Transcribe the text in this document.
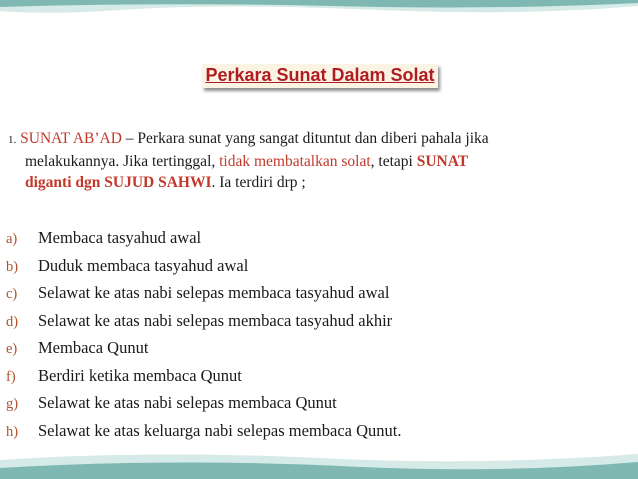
Perkara Sunat Dalam Solat
1. SUNAT AB’AD – Perkara sunat yang sangat dituntut dan diberi pahala jika
melakukannya. Jika tertinggal, tidak membatalkan solat, tetapi SUNAT
diganti dgn SUJUD SAHWI. Ia terdiri drp ;
a) Membaca tasyahud awal
b) Duduk membaca tasyahud awal
c) Selawat ke atas nabi selepas membaca tasyahud awal
d) Selawat ke atas nabi selepas membaca tasyahud akhir
e) Membaca Qunut
f) Berdiri ketika membaca Qunut
g) Selawat ke atas nabi selepas membaca Qunut
h) Selawat ke atas keluarga nabi selepas membaca Qunut.
